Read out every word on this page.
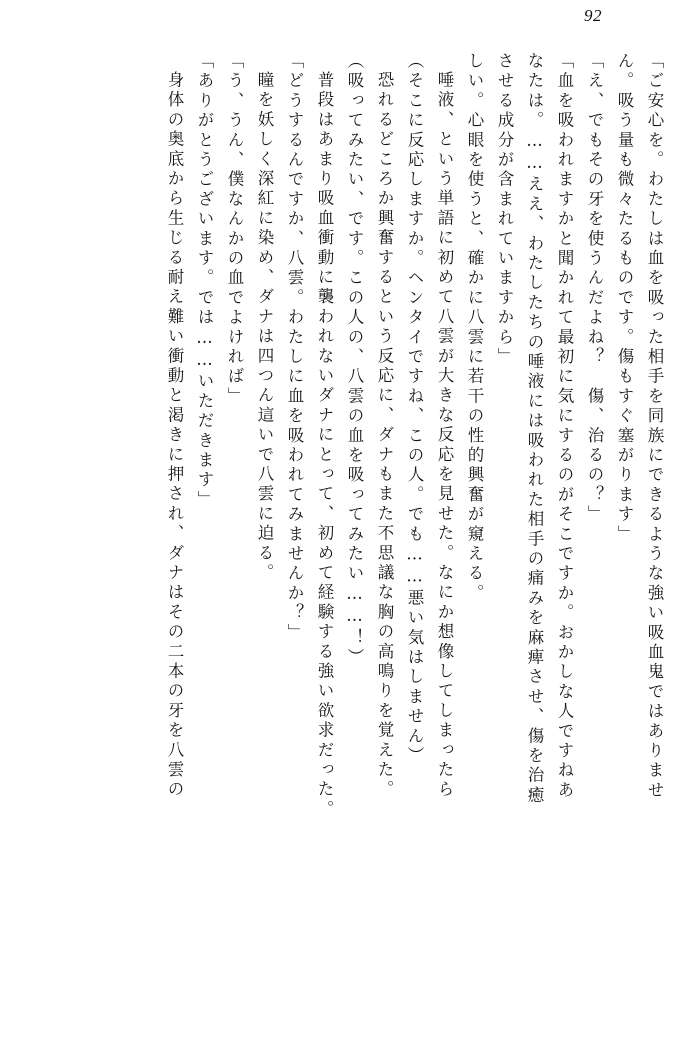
92
「ご安心を。わたしは血を吸った相手を同族にできるような強い吸血鬼ではありませ
ん。吸う量も微々たるものです。傷もすぐ塞がります」
「え、でもその牙を使うんだよね？　傷、治るの？」
「血を吸われますかと聞かれて最初に気にするのがそこですか。おかしな人ですねあ
なたは。……ええ、わたしたちの唾液には吸われた相手の痛みを麻痺させ、傷を治癒
させる成分が含まれていますから」
しい。心眼を使うと、確かに八雲に若干の性的興奮が窺える。
唾液、という単語に初めて八雲が大きな反応を見せた。なにか想像してしまったら
（そこに反応しますか。ヘンタイですね、この人。でも……悪い気はしません）
恐れるどころか興奮するという反応に、ダナもまた不思議な胸の高鳴りを覚えた。
（吸ってみたい、です。この人の、八雲の血を吸ってみたい……！）
普段はあまり吸血衝動に襲われないダナにとって、初めて経験する強い欲求だった。
「どうするんですか、八雲。わたしに血を吸われてみませんか？」
瞳を妖しく深紅に染め、ダナは四つん這いで八雲に迫る。
「う、うん、僕なんかの血でよければ」
「ありがとうございます。では……いただきます」
身体の奥底から生じる耐え難い衝動と渇きに押され、ダナはその二本の牙を八雲の
